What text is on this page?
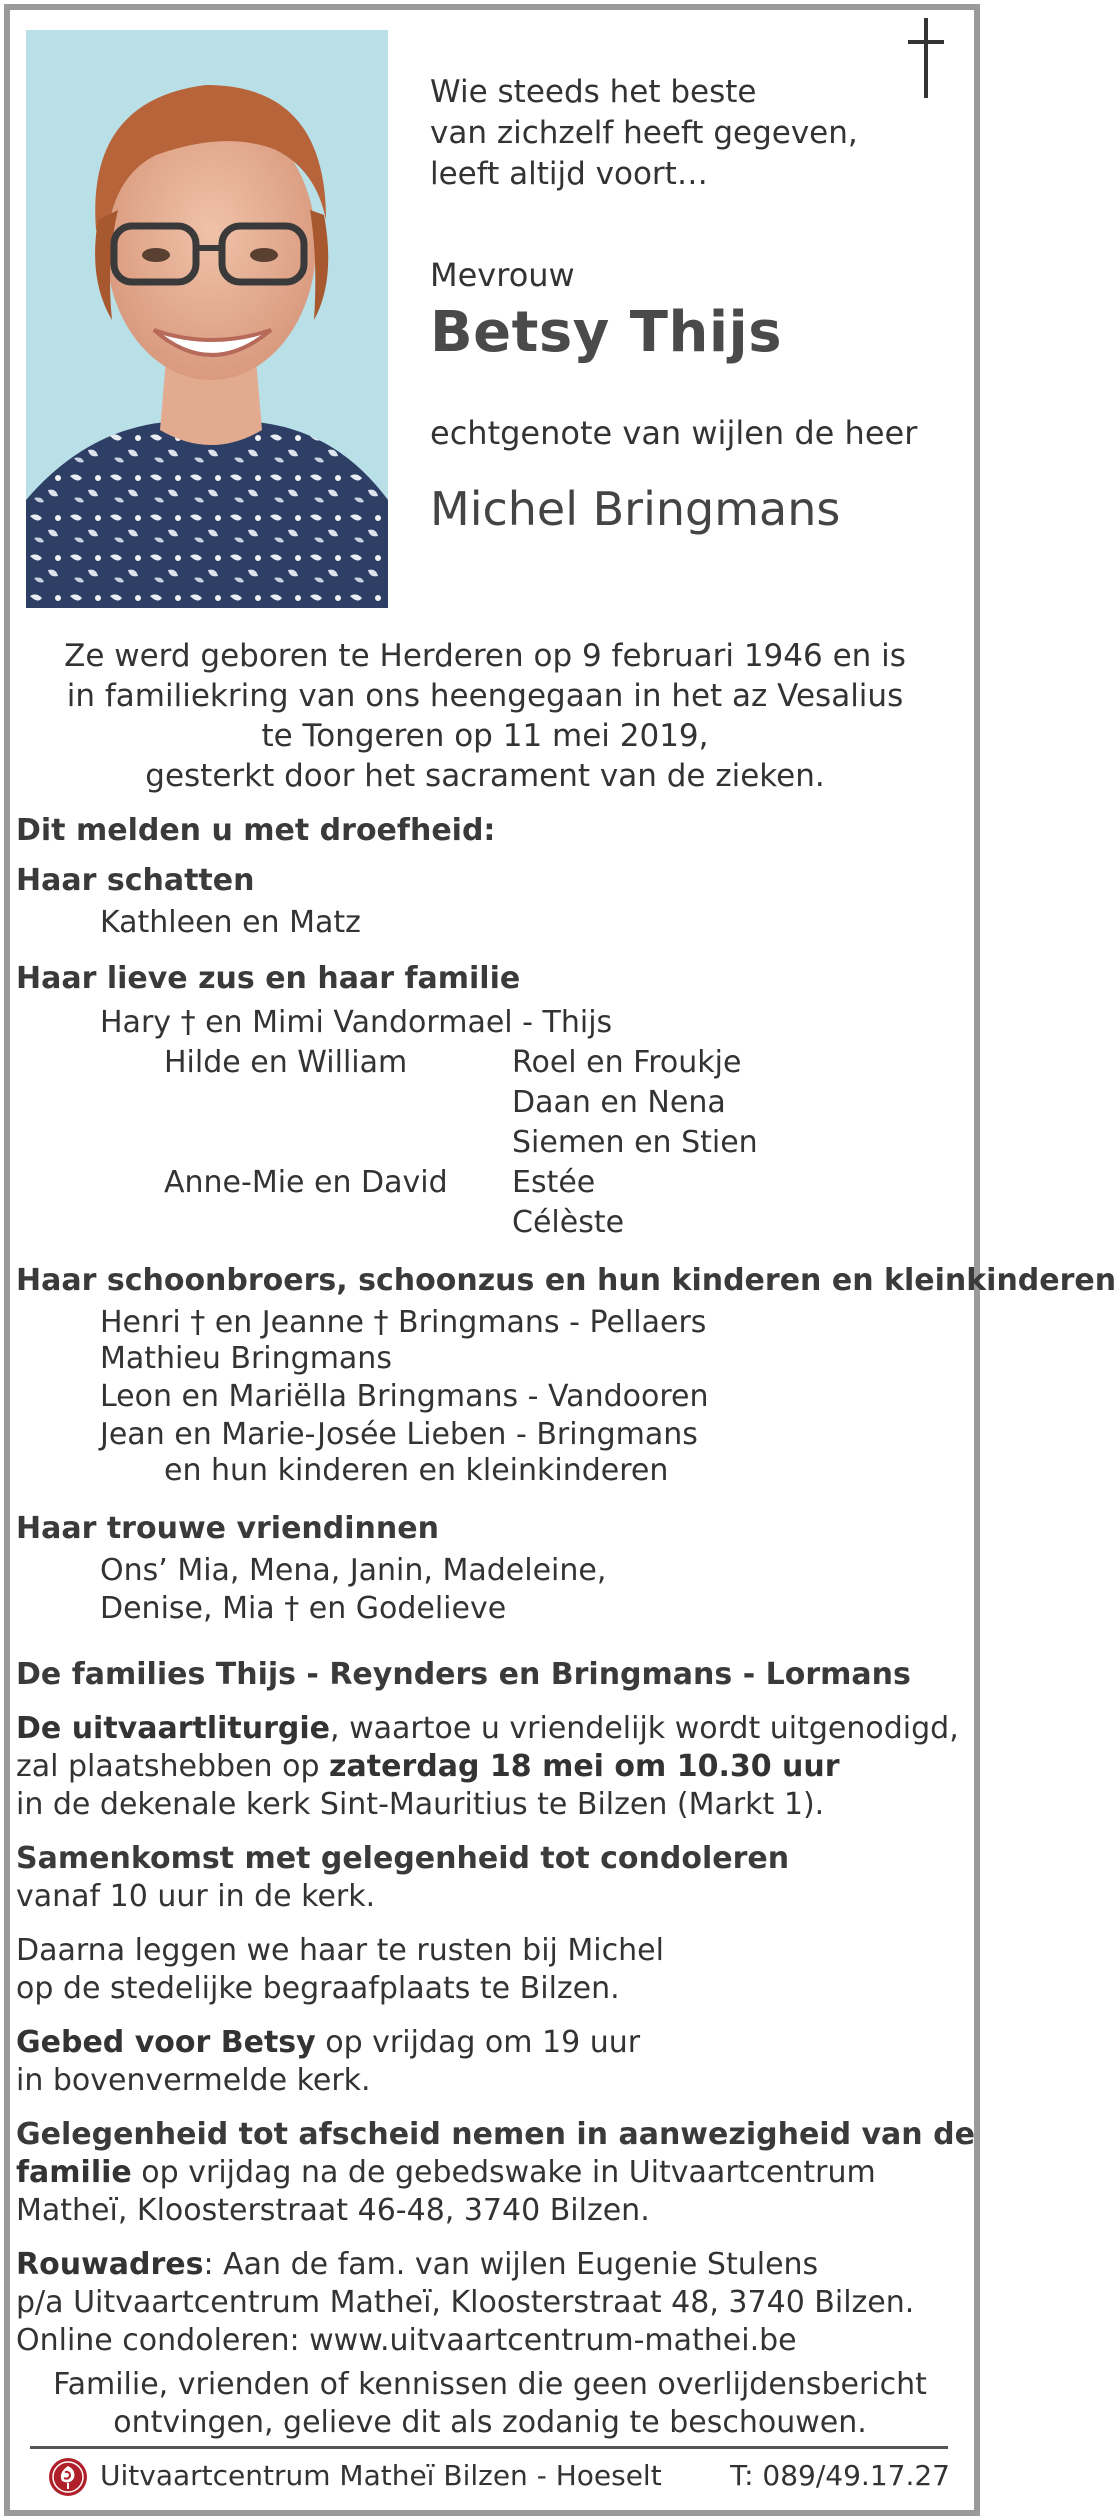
Wie steeds het beste
van zichzelf heeft gegeven,
leeft altijd voort…
Mevrouw
Betsy Thijs
echtgenote van wijlen de heer
Michel Bringmans
Ze werd geboren te Herderen op 9 februari 1946 en is
in familiekring van ons heengegaan in het az Vesalius
te Tongeren op 11 mei 2019,
gesterkt door het sacrament van de zieken.
Dit melden u met droefheid:
Haar schatten
Kathleen en Matz
Haar lieve zus en haar familie
Hary † en Mimi Vandormael - Thijs
Hilde en William	Roel en Froukje
Daan en Nena
Siemen en Stien
Anne-Mie en David Estée
Célèste
Haar schoonbroers, schoonzus en hun kinderen en kleinkinderen
Henri † en Jeanne † Bringmans - Pellaers
Mathieu Bringmans
Leon en Mariëlla Bringmans - Vandooren
Jean en Marie-Josée Lieben - Bringmans
en hun kinderen en kleinkinderen
Haar trouwe vriendinnen
Ons’ Mia, Mena, Janin, Madeleine,
Denise, Mia † en Godelieve
De families Thijs - Reynders en Bringmans - Lormans
De uitvaartliturgie, waartoe u vriendelijk wordt uitgenodigd,
zal plaatshebben op zaterdag 18 mei om 10.30 uur
in de dekenale kerk Sint-Mauritius te Bilzen (Markt 1).
Samenkomst met gelegenheid tot condoleren
vanaf 10 uur in de kerk.
Daarna leggen we haar te rusten bij Michel
op de stedelijke begraafplaats te Bilzen.
Gebed voor Betsy op vrijdag om 19 uur
in bovenvermelde kerk.
Gelegenheid tot afscheid nemen in aanwezigheid van de
familie op vrijdag na de gebedswake in Uitvaartcentrum
Matheï, Kloosterstraat 46-48, 3740 Bilzen.
Rouwadres: Aan de fam. van wijlen Eugenie Stulens
p/a Uitvaartcentrum Matheï, Kloosterstraat 48, 3740 Bilzen.
Online condoleren: www.uitvaartcentrum-mathei.be
Familie, vrienden of kennissen die geen overlijdensbericht
ontvingen, gelieve dit als zodanig te beschouwen.
Uitvaartcentrum Matheï Bilzen - Hoeselt T: 089/49.17.27
